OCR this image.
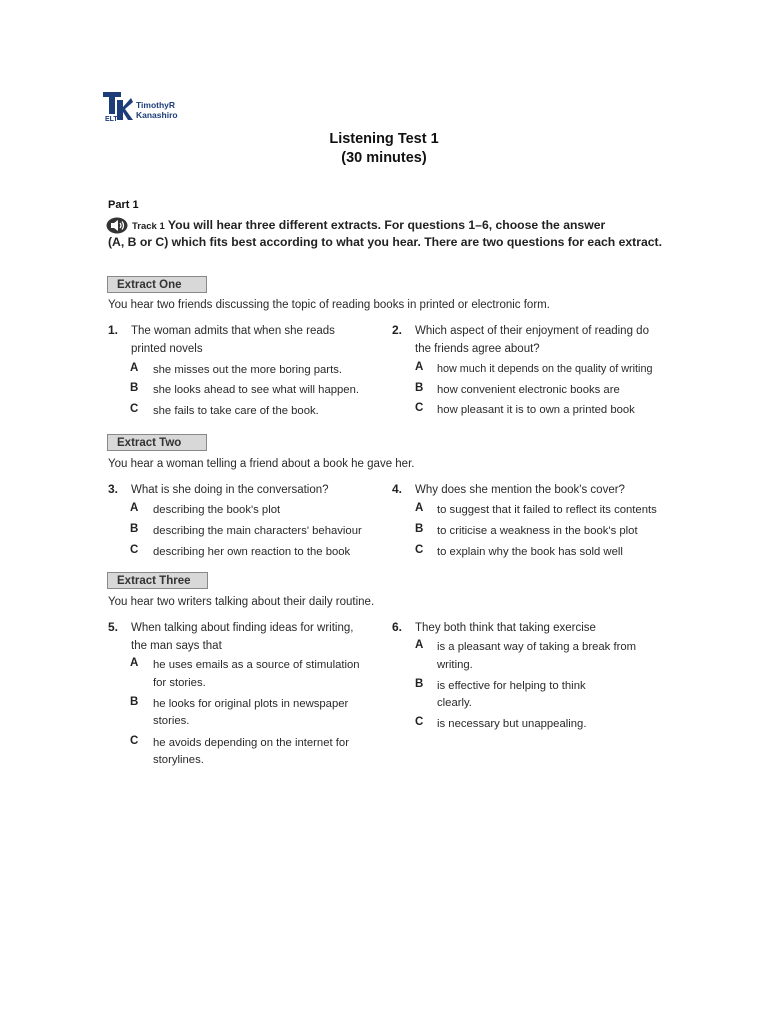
TimothyR
Kanashiro
ELT
Listening Test 1
(30 minutes)
Part 1
Track 1 You will hear three different extracts. For questions 1–6, choose the answer
(A, B or C) which fits best according to what you hear. There are two questions for each extract.
Extract One
You hear two friends discussing the topic of reading books in printed or electronic form.
1. The woman admits that when she reads
printed novels
A she misses out the more boring parts.
B she looks ahead to see what will happen.
C she fails to take care of the book.
2. Which aspect of their enjoyment of reading do
the friends agree about?
A how much it depends on the quality of writing
B how convenient electronic books are
C how pleasant it is to own a printed book
Extract Two
You hear a woman telling a friend about a book he gave her.
3. What is she doing in the conversation?
A describing the book's plot
B describing the main characters' behaviour
C describing her own reaction to the book
4. Why does she mention the book's cover?
A to suggest that it failed to reflect its contents
B to criticise a weakness in the book's plot
C to explain why the book has sold well
Extract Three
You hear two writers talking about their daily routine.
5. When talking about finding ideas for writing,
the man says that
A he uses emails as a source of stimulation
for stories.
B he looks for original plots in newspaper
stories.
C he avoids depending on the internet for
storylines.
6. They both think that taking exercise
A is a pleasant way of taking a break from
writing.
B is effective for helping to think
clearly.
C is necessary but unappealing.
